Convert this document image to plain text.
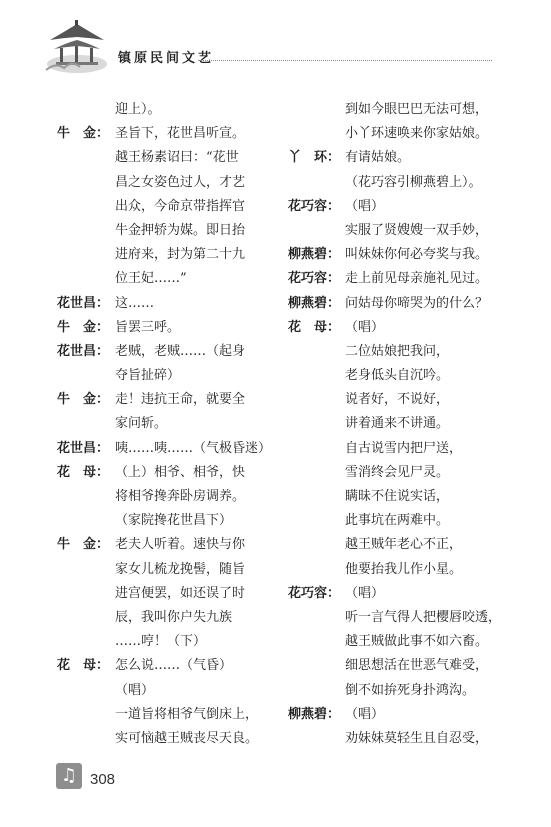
镇原民间文艺
迎上）。
牛　金： 圣旨下，花世昌听宣。
越王杨素诏曰：“花世
昌之女姿色过人，才艺
出众，今命京带指挥官
牛金押轿为媒。即日抬
进府来，封为第二十九
位王妃……”
花世昌： 这……
牛　金： 旨罢三呼。
花世昌： 老贼，老贼……（起身
夺旨扯碎）
牛　金： 走！违抗王命，就要全
家问斩。
花世昌： 咦……咦……（气极昏迷）
花　母： （上）相爷、相爷，快
将相爷搀奔卧房调养。
（家院搀花世昌下）
牛　金： 老夫人听着。速快与你
家女儿梳龙挽髻，随旨
进宫便罢，如还误了时
辰，我叫你户失九族
……哼！（下）
花　母： 怎么说……（气昏）
（唱）
一道旨将相爷气倒床上，
实可恼越王贼丧尽天良。
到如今眼巴巴无法可想，
小丫环速唤来你家姑娘。
丫　环： 有请姑娘。
（花巧容引柳燕碧上）。
花巧容： （唱）
实服了贤嫂嫂一双手妙，
柳燕碧： 叫妹妹你何必夸奖与我。
花巧容： 走上前见母亲施礼见过。
柳燕碧： 问姑母你啼哭为的什么？
花　母： （唱）
二位姑娘把我问，
老身低头自沉吟。
说者好，不说好，
讲着通来不讲通。
自古说雪内把尸送，
雪消终会见尸灵。
瞒昧不住说实话，
此事坑在两难中。
越王贼年老心不正，
他要抬我儿作小星。
花巧容： （唱）
听一言气得人把樱唇咬透，
越王贼做此事不如六畜。
细思想活在世恶气难受，
倒不如拚死身扑鸿沟。
柳燕碧： （唱）
劝妹妹莫轻生且自忍受，
♫ 308
